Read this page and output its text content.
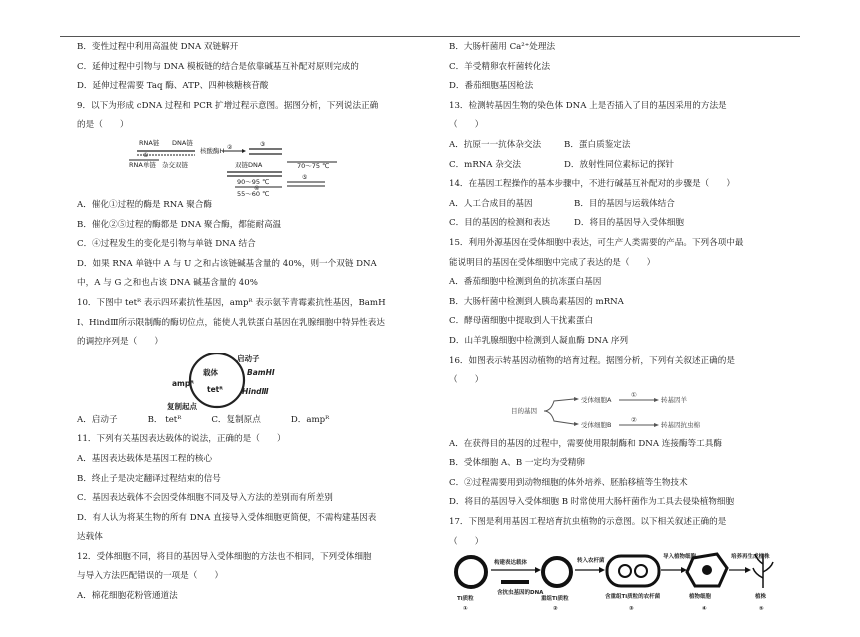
B．变性过程中利用高温使 DNA 双链解开

C．延伸过程中引物与 DNA 模板链的结合是依靠碱基互补配对原则完成的

D．延伸过程需要 Taq 酶、ATP、四种核糖核苷酸

9．以下为形成 cDNA 过程和 PCR 扩增过程示意图。据图分析，下列说法正确

的是（　　）

RNA链 DNA链
RNA单链 杂交双链
①
核酸酶H ②	③
双链DNA
90～95 ℃
④
55～60 ℃
70～75 ℃
⑤

A．催化①过程的酶是 RNA 聚合酶

B．催化②⑤过程的酶都是 DNA 聚合酶，都能耐高温

C．④过程发生的变化是引物与单链 DNA 结合

D．如果 RNA 单链中 A 与 U 之和占该链碱基含量的 40%，则一个双链 DNA

中，A 与 G 之和也占该 DNA 碱基含量的 40%

10．下图中 tetᴿ 表示四环素抗性基因，ampᴿ 表示氨苄青霉素抗性基因，BamH

Ⅰ、HindⅢ所示限制酶的酶切位点，能使人乳铁蛋白基因在乳腺细胞中特异性表达

的调控序列是（　　）

载体
启动子
BamHⅠ
HindⅢ
ampᴿ
tetᴿ
复制起点
A．启动子	B． tetᴿ	C．复制原点	D．ampᴿ

11．下列有关基因表达载体的说法，正确的是（　　）

A．基因表达载体是基因工程的核心

B．终止子是决定翻译过程结束的信号

C．基因表达载体不会因受体细胞不同及导入方法的差别而有所差别

D．有人认为将某生物的所有 DNA 直接导入受体细胞更简便，不需构建基因表

达载体

12．受体细胞不同，将目的基因导入受体细胞的方法也不相同，下列受体细胞

与导入方法匹配错误的一项是（　　）

A．棉花细胞花粉管通道法

B．大肠杆菌用 Ca²⁺处理法

C．羊受精卵农杆菌转化法

D．番茄细胞基因枪法

13．检测转基因生物的染色体 DNA 上是否插入了目的基因采用的方法是

（　　）

A．抗原一一抗体杂交法	B．蛋白质鉴定法
C．mRNA 杂交法	D．放射性同位素标记的探针

14．在基因工程操作的基本步骤中，不进行碱基互补配对的步骤是（　　）

A．人工合成目的基因	B．目的基因与运载体结合
C．目的基因的检测和表达	D．将目的基因导入受体细胞

15．利用外源基因在受体细胞中表达，可生产人类需要的产品。下列各项中最

能说明目的基因在受体细胞中完成了表达的是（　　）

A．番茄细胞中检测到鱼的抗冻蛋白基因

B．大肠杆菌中检测到人胰岛素基因的 mRNA

C．酵母菌细胞中提取到人干扰素蛋白

D．山羊乳腺细胞中检测到人凝血酶 DNA 序列

16．如图表示转基因动植物的培育过程。据图分析，下列有关叙述正确的是

（　　）

目的基因
受体细胞A
受体细胞B
①
②
转基因羊
转基因抗虫棉

A．在获得目的基因的过程中，需要使用限制酶和 DNA 连接酶等工具酶

B．受体细胞 A、B 一定均为受精卵

C．②过程需要用到动物细胞的体外培养、胚胎移植等生物技术

D．将目的基因导入受体细胞 B 时常使用大肠杆菌作为工具去侵染植物细胞

17．下图是利用基因工程培育抗虫植物的示意图。以下相关叙述正确的是

（　　）

Ti质粒
①
构建表达载体
含抗虫基因的DNA
重组Ti质粒
②
转入农杆菌
含重组Ti质粒的农杆菌
③
导入植物细胞
植物细胞
④
培养再生成植株
植株
⑤
